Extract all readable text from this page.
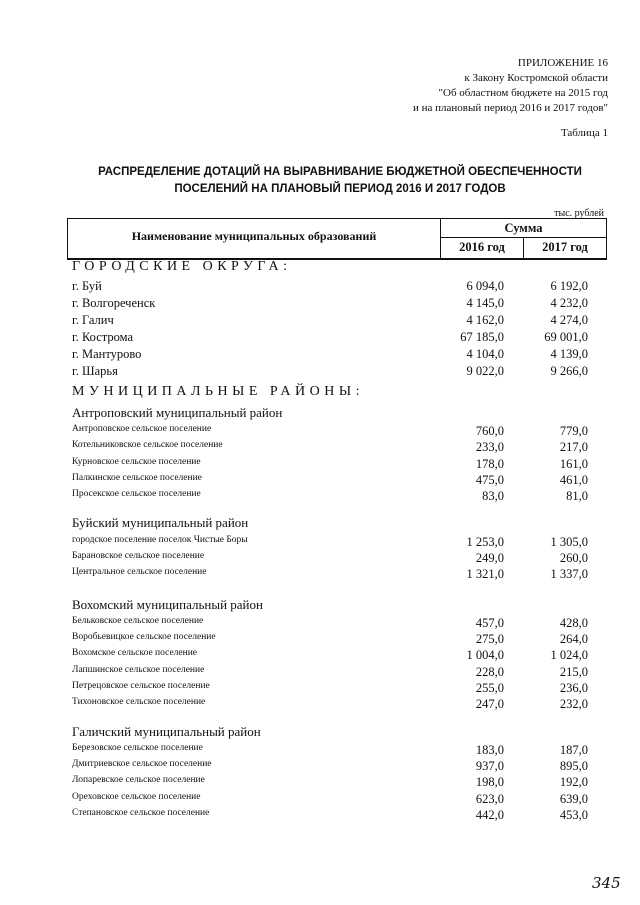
ПРИЛОЖЕНИЕ 16
к Закону Костромской области
"Об областном бюджете на 2015 год
и на плановый период 2016 и 2017 годов"
Таблица 1
РАСПРЕДЕЛЕНИЕ ДОТАЦИЙ НА ВЫРАВНИВАНИЕ БЮДЖЕТНОЙ ОБЕСПЕЧЕННОСТИ
ПОСЕЛЕНИЙ НА ПЛАНОВЫЙ ПЕРИОД 2016 И 2017 ГОДОВ
тыс. рублей
Наименование муниципальных образований
Сумма
2016 год	2017 год
ГОРОДСКИЕ ОКРУГА:
г. Буй	6 094,0	6 192,0
г. Волгореченск	4 145,0	4 232,0
г. Галич	4 162,0	4 274,0
г. Кострома	67 185,0	69 001,0
г. Мантурово	4 104,0	4 139,0
г. Шарья	9 022,0	9 266,0
МУНИЦИПАЛЬНЫЕ РАЙОНЫ:
Антроповский муниципальный район
Антроповское сельское поселение	760,0	779,0
Котельниковское сельское поселение	233,0	217,0
Курновское сельское поселение	178,0	161,0
Палкинское сельское поселение	475,0	461,0
Просекское сельское поселение	83,0	81,0
Буйский муниципальный район
городское поселение поселок Чистые Боры	1 253,0	1 305,0
Барановское сельское поселение	249,0	260,0
Центральное сельское поселение	1 321,0	1 337,0
Вохомский муниципальный район
Бельковское сельское поселение	457,0	428,0
Воробьевицкое сельское поселение	275,0	264,0
Вохомское сельское поселение	1 004,0	1 024,0
Лапшинское сельское поселение	228,0	215,0
Петрецовское сельское поселение	255,0	236,0
Тихоновское сельское поселение	247,0	232,0
Галичский муниципальный район
Березовское сельское поселение	183,0	187,0
Дмитриевское сельское поселение	937,0	895,0
Лопаревское сельское поселение	198,0	192,0
Ореховское сельское поселение	623,0	639,0
Степановское сельское поселение	442,0	453,0
345
